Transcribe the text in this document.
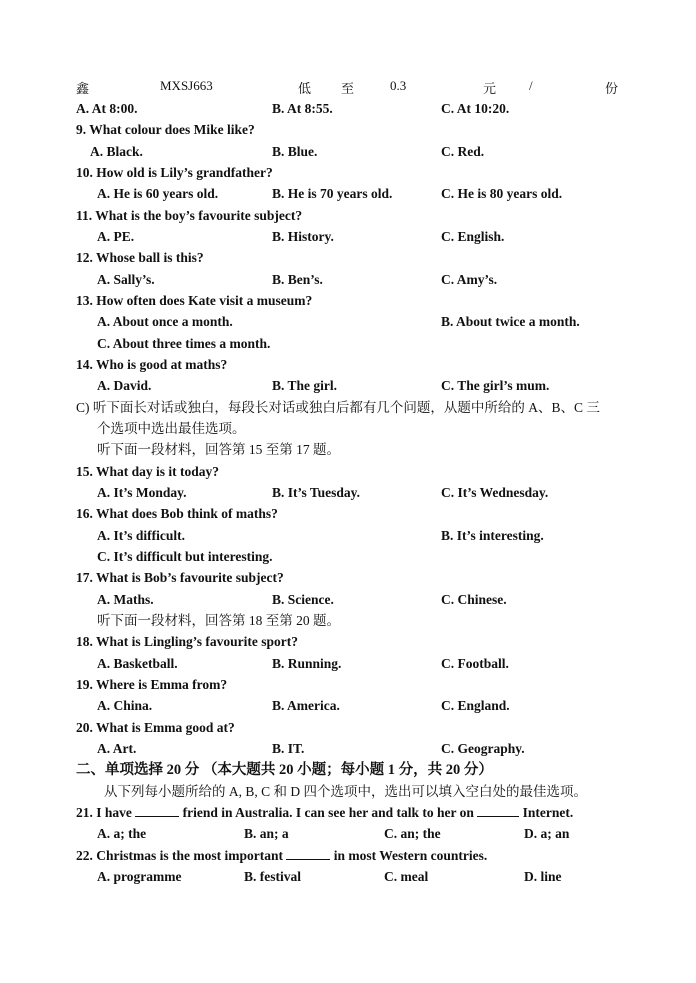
鑫	MXSJ663	低 至	0.3	元	/	份
A. At 8:00.	B. At 8:55.	C. At 10:20.
9. What colour does Mike like?
A. Black.	B. Blue.	C. Red.
10. How old is Lily’s grandfather?
A. He is 60 years old.	B. He is 70 years old.	C. He is 80 years old.
11. What is the boy’s favourite subject?
A. PE.	B. History.	C. English.
12. Whose ball is this?
A. Sally’s.	B. Ben’s.	C. Amy’s.
13. How often does Kate visit a museum?
A. About once a month.	B. About twice a month.
C. About three times a month.
14. Who is good at maths?
A. David.	B. The girl.	C. The girl’s mum.
C) 听下面长对话或独白，每段长对话或独白后都有几个问题，从题中所给的 A、B、C 三
个选项中选出最佳选项。
听下面一段材料，回答第 15 至第 17 题。
15. What day is it today?
A. It’s Monday.	B. It’s Tuesday.	C. It’s Wednesday.
16. What does Bob think of maths?
A. It’s difficult.	B. It’s interesting.
C. It’s difficult but interesting.
17. What is Bob’s favourite subject?
A. Maths.	B. Science.	C. Chinese.
听下面一段材料，回答第 18 至第 20 题。
18. What is Lingling’s favourite sport?
A. Basketball.	B. Running.	C. Football.
19. Where is Emma from?
A. China.	B. America.	C. England.
20. What is Emma good at?
A. Art.	B. IT.	C. Geography.
二、单项选择 20 分 （本大题共 20 小题；每小题 1 分，共 20 分）
从下列每小题所给的 A, B, C 和 D 四个选项中，选出可以填入空白处的最佳选项。
21. I have	friend in Australia. I can see her and talk to her on	Internet.
A. a; the	B. an; a	C. an; the	D. a; an
22. Christmas is the most important	in most Western countries.
A. programme	B. festival	C. meal	D. line
